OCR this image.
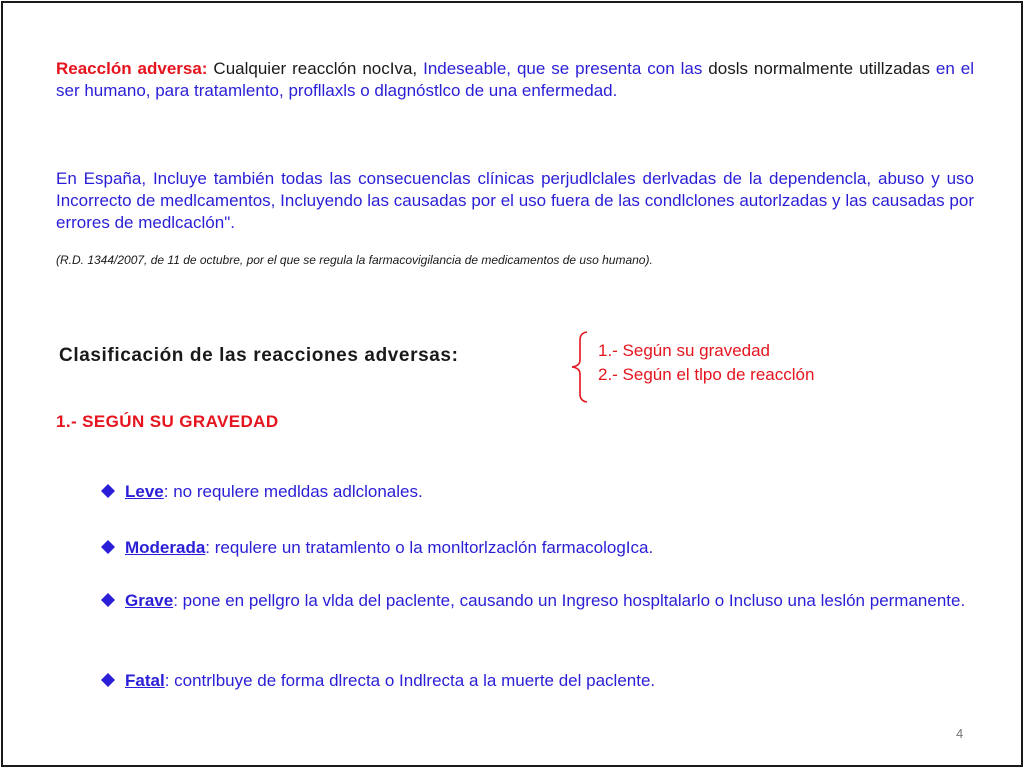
Reacclón adversa: Cualquier reacclón nocIva, Indeseable, que se presenta con las dosls normalmente utillzadas en el ser humano, para tratamlento, profllaxls o dlagnóstlco de una enfermedad.
En España, Incluye también todas las consecuenclas clínicas perjudlclales derlvadas de la dependencla, abuso y uso Incorrecto de medlcamentos, Incluyendo las causadas por el uso fuera de las condlclones autorlzadas y las causadas por errores de medlcaclón".
(R.D. 1344/2007, de 11 de octubre, por el que se regula la farmacovigilancia de medicamentos de uso humano).
Clasificación de las reacciones adversas:	1.- Según su gravedad
2.- Según el tlpo de reacclón
1.- SEGÚN SU GRAVEDAD
Leve: no requlere medldas adlclonales.
Moderada: requlere un tratamlento o la monltorlzaclón farmacologIca.
Grave: pone en pellgro la vlda del paclente, causando un Ingreso hospltalarlo o Incluso una leslón permanente.
Fatal: contrlbuye de forma dlrecta o Indlrecta a la muerte del paclente.
4
